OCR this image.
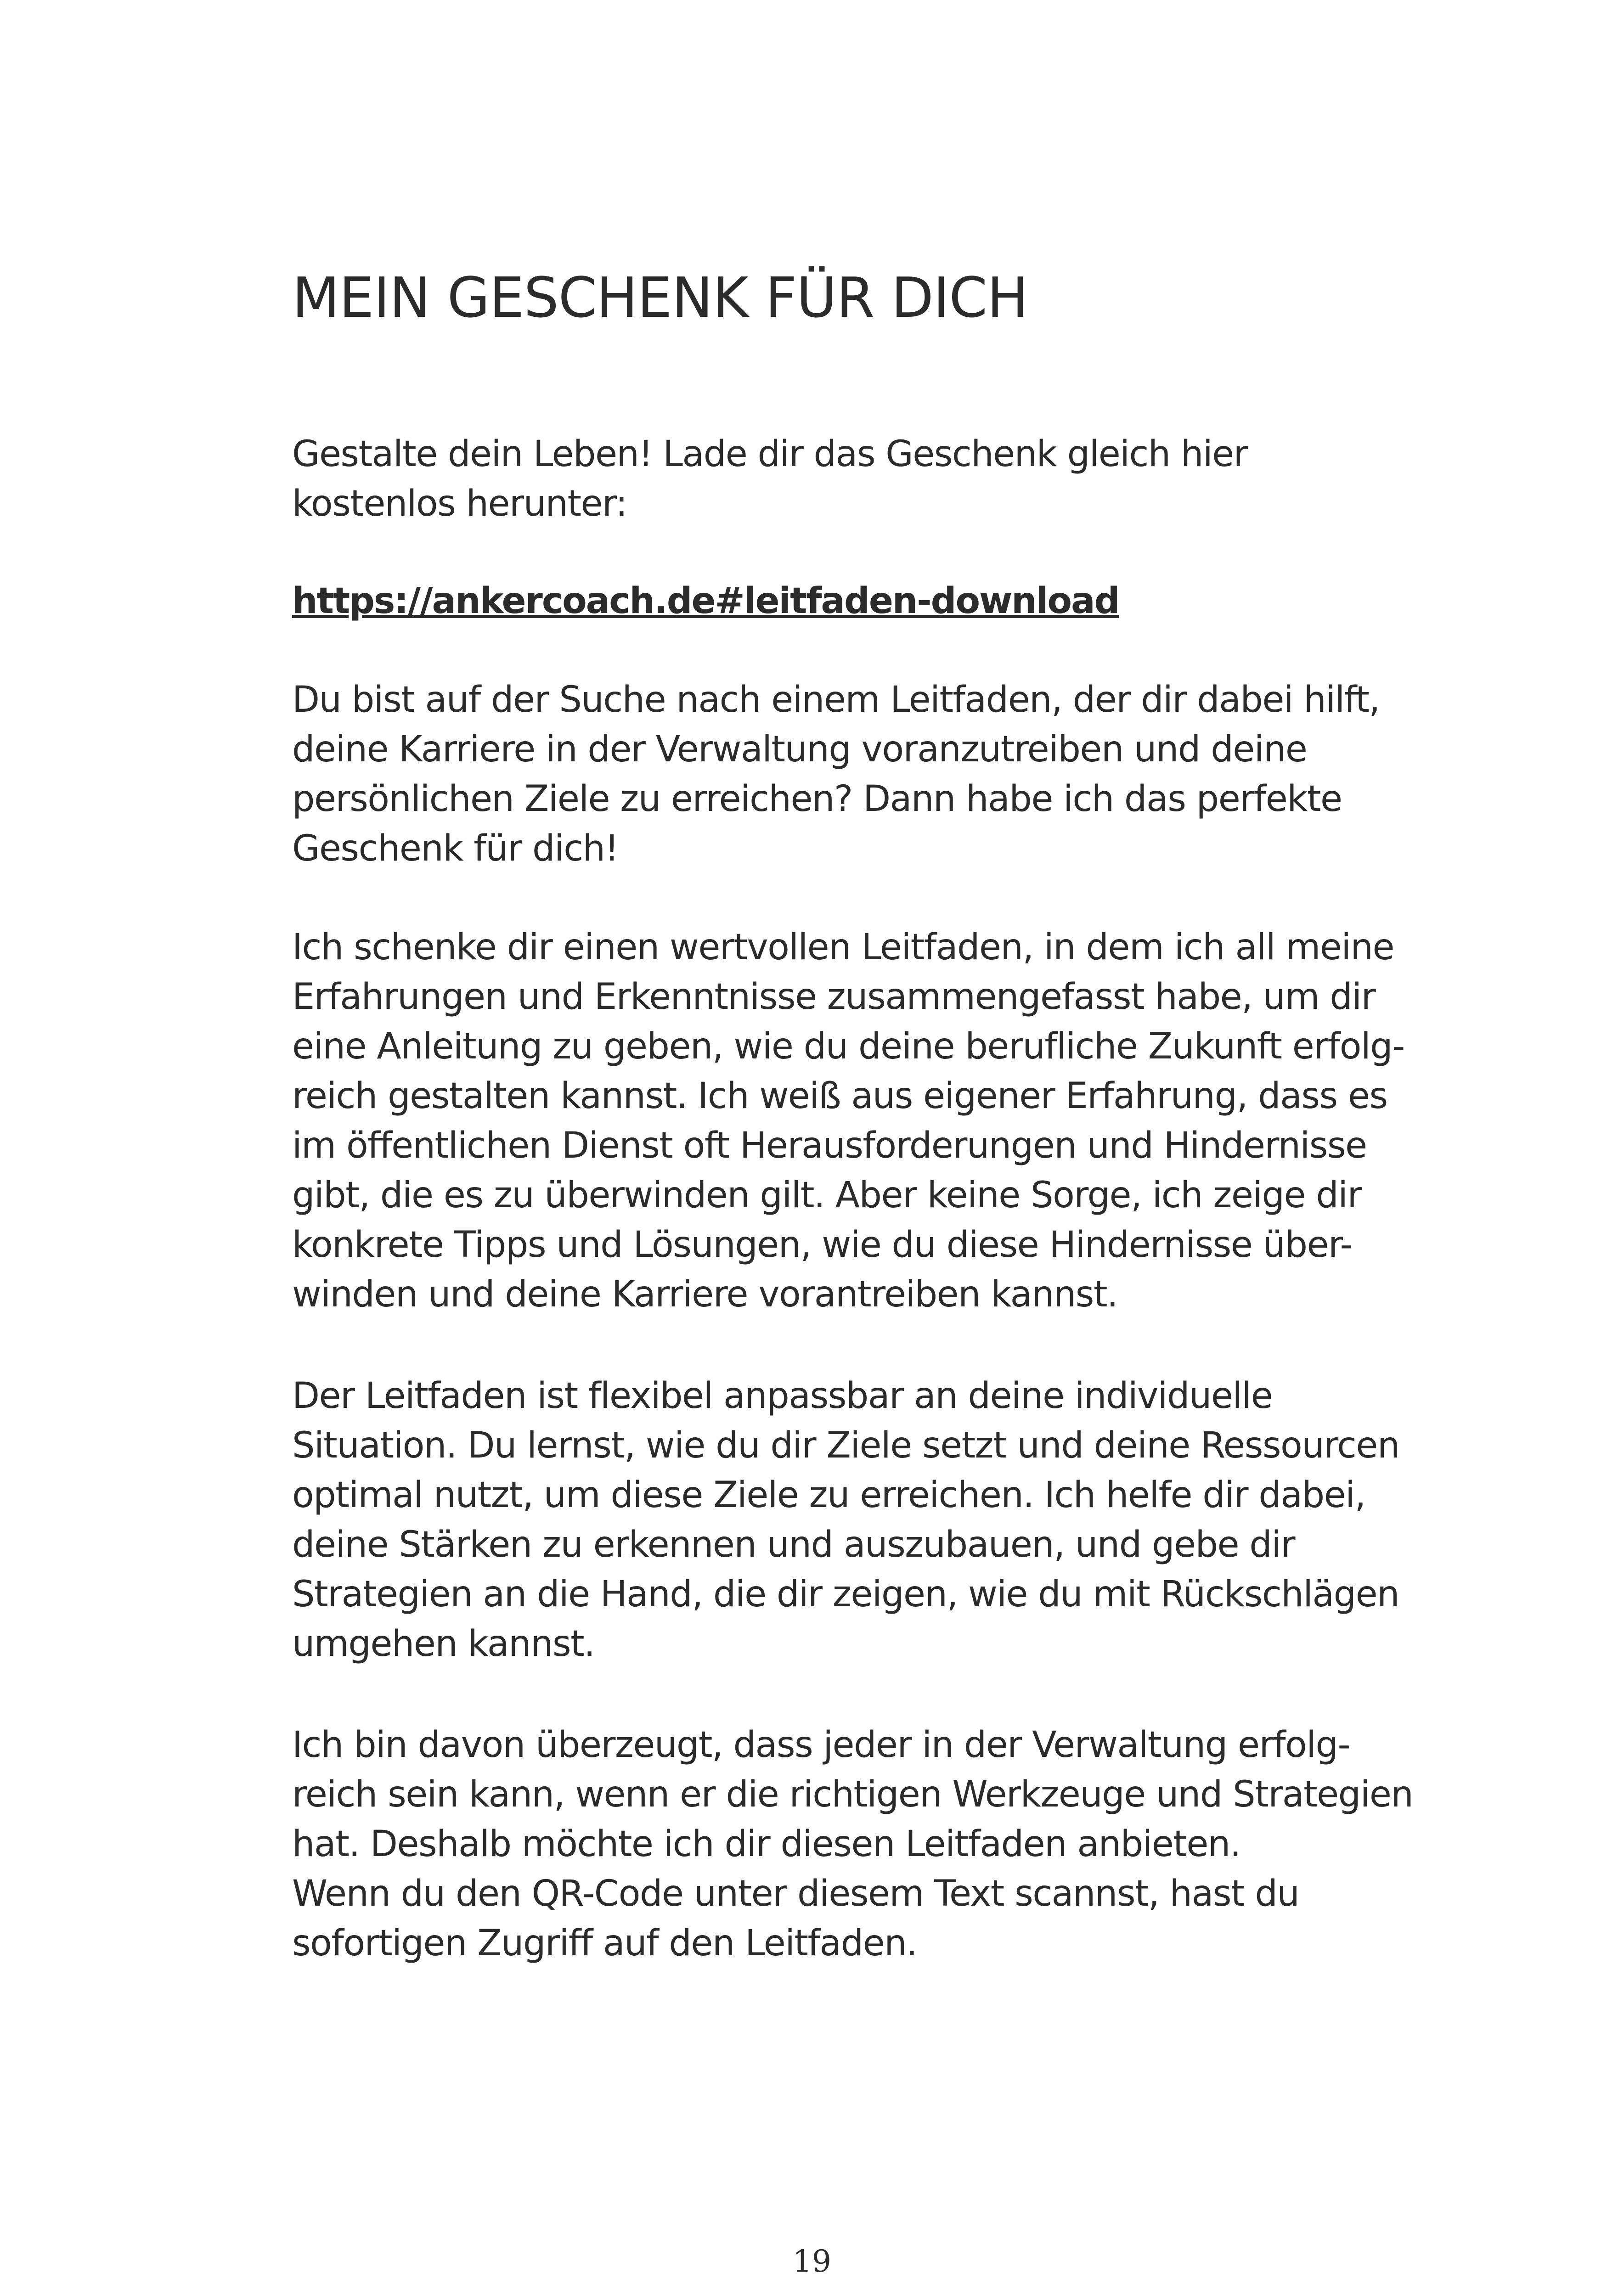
MEIN GESCHENK FÜR DICH
Gestalte dein Leben! Lade dir das Geschenk gleich hier
kostenlos herunter:
https://ankercoach.de#leitfaden-download
Du bist auf der Suche nach einem Leitfaden, der dir dabei hilft,
deine Karriere in der Verwaltung voranzutreiben und deine
persönlichen Ziele zu erreichen? Dann habe ich das perfekte
Geschenk für dich!
Ich schenke dir einen wertvollen Leitfaden, in dem ich all meine
Erfahrungen und Erkenntnisse zusammengefasst habe, um dir
eine Anleitung zu geben, wie du deine berufliche Zukunft erfolg-
reich gestalten kannst. Ich weiß aus eigener Erfahrung, dass es
im öffentlichen Dienst oft Herausforderungen und Hindernisse
gibt, die es zu überwinden gilt. Aber keine Sorge, ich zeige dir
konkrete Tipps und Lösungen, wie du diese Hindernisse über-
winden und deine Karriere vorantreiben kannst.
Der Leitfaden ist flexibel anpassbar an deine individuelle
Situation. Du lernst, wie du dir Ziele setzt und deine Ressourcen
optimal nutzt, um diese Ziele zu erreichen. Ich helfe dir dabei,
deine Stärken zu erkennen und auszubauen, und gebe dir
Strategien an die Hand, die dir zeigen, wie du mit Rückschlägen
umgehen kannst.
Ich bin davon überzeugt, dass jeder in der Verwaltung erfolg-
reich sein kann, wenn er die richtigen Werkzeuge und Strategien
hat. Deshalb möchte ich dir diesen Leitfaden anbieten.
Wenn du den QR-Code unter diesem Text scannst, hast du
sofortigen Zugriff auf den Leitfaden.
19
